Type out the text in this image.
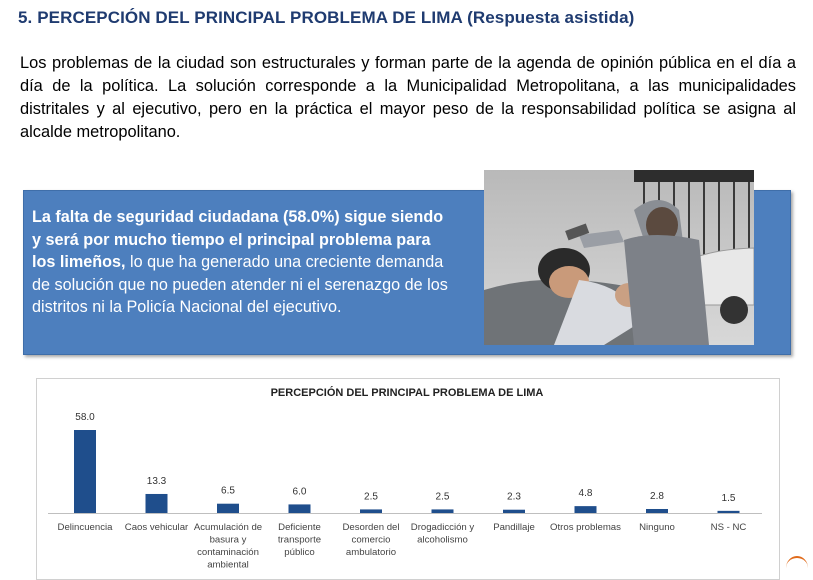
5. PERCEPCIÓN DEL PRINCIPAL PROBLEMA DE LIMA (Respuesta asistida)

Los problemas de la ciudad son estructurales y forman parte de la agenda de opinión pública en el día a día de la política. La solución corresponde a la Municipalidad Metropolitana, a las municipalidades distritales y al ejecutivo, pero en la práctica el mayor peso de la responsabilidad política se asigna al alcalde metropolitano.

La falta de seguridad ciudadana (58.0%) sigue siendo y será por mucho tiempo el principal problema para los limeños, lo que ha generado una creciente demanda de solución que no pueden atender ni el serenazgo de los distritos ni la Policía Nacional del ejecutivo.
PERCEPCIÓN DEL PRINCIPAL PROBLEMA DE LIMA
58.0
Delincuencia
13.3
Caos vehicular
6.5
Acumulación de
basura y
contaminación
ambiental
6.0
Deficiente
transporte
público
2.5
Desorden del
comercio
ambulatorio
2.5
Drogadicción y
alcoholismo
2.3
Pandillaje
4.8
Otros problemas
2.8
Ninguno
1.5
NS - NC
